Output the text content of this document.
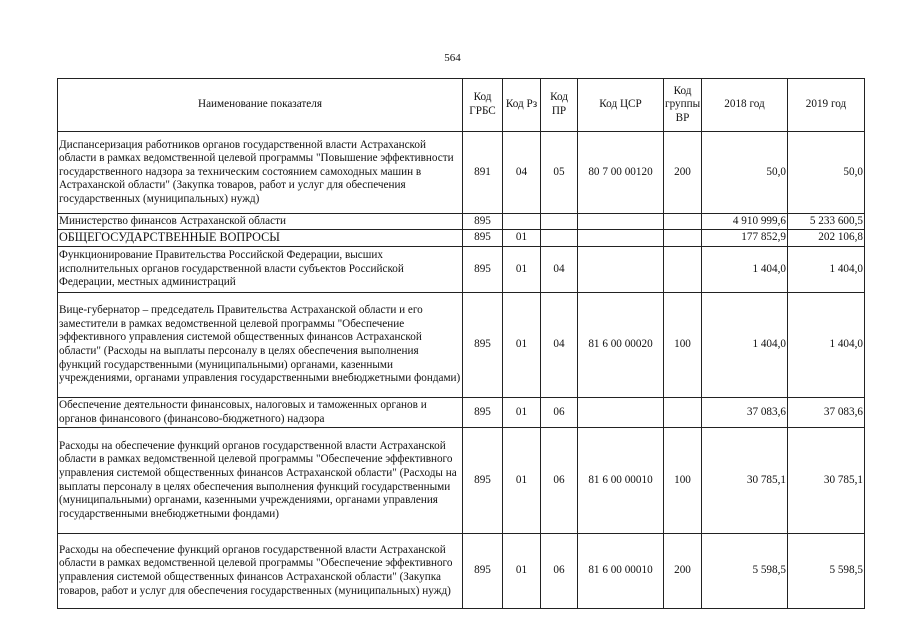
564
Наименование показателя	Код ГРБС	Код Рз	Код ПР	Код ЦСР	Код группы ВР	2018 год	2019 год
Диспансеризация работников органов государственной власти Астраханской области в рамках ведомственной целевой программы "Повышение эффективности государственного надзора за техническим состоянием самоходных машин в Астраханской области" (Закупка товаров, работ и услуг для обеспечения государственных (муниципальных) нужд)	891	04	05	80 7 00 00120	200	50,0	50,0
Министерство финансов Астраханской области	895					4 910 999,6	5 233 600,5
ОБЩЕГОСУДАРСТВЕННЫЕ ВОПРОСЫ	895	01				177 852,9	202 106,8
Функционирование Правительства Российской Федерации, высших исполнительных органов государственной власти субъектов Российской Федерации, местных администраций	895	01	04			1 404,0	1 404,0
Вице-губернатор – председатель Правительства Астраханской области и его заместители в рамках ведомственной целевой программы "Обеспечение эффективного управления системой общественных финансов Астраханской области" (Расходы на выплаты персоналу в целях обеспечения выполнения функций государственными (муниципальными) органами, казенными учреждениями, органами управления государственными внебюджетными фондами)	895	01	04	81 6 00 00020	100	1 404,0	1 404,0
Обеспечение деятельности финансовых, налоговых и таможенных органов и органов финансового (финансово-бюджетного) надзора	895	01	06			37 083,6	37 083,6
Расходы на обеспечение функций органов государственной власти Астраханской области в рамках ведомственной целевой программы "Обеспечение эффективного управления системой общественных финансов Астраханской области" (Расходы на выплаты персоналу в целях обеспечения выполнения функций государственными (муниципальными) органами, казенными учреждениями, органами управления государственными внебюджетными фондами)	895	01	06	81 6 00 00010	100	30 785,1	30 785,1
Расходы на обеспечение функций органов государственной власти Астраханской области в рамках ведомственной целевой программы "Обеспечение эффективного управления системой общественных финансов Астраханской области" (Закупка товаров, работ и услуг для обеспечения государственных (муниципальных) нужд)	895	01	06	81 6 00 00010	200	5 598,5	5 598,5
